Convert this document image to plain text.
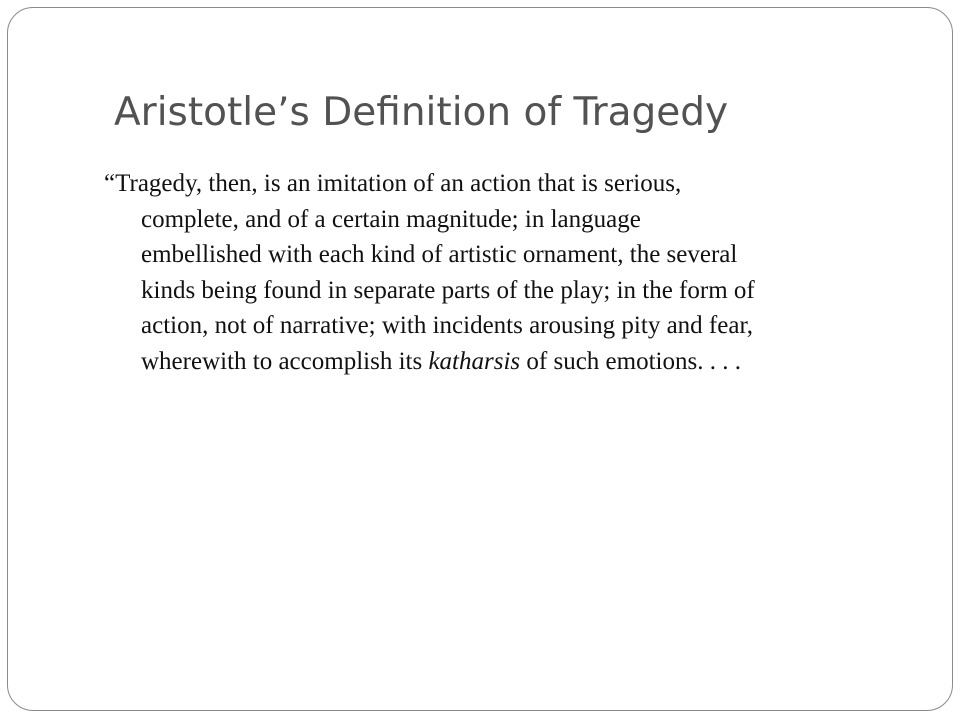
Aristotle’s Definition of Tragedy

“Tragedy, then, is an imitation of an action that is serious,
complete, and of a certain magnitude; in language
embellished with each kind of artistic ornament, the several
kinds being found in separate parts of the play; in the form of
action, not of narrative; with incidents arousing pity and fear,
wherewith to accomplish its katharsis of such emotions. . . .
